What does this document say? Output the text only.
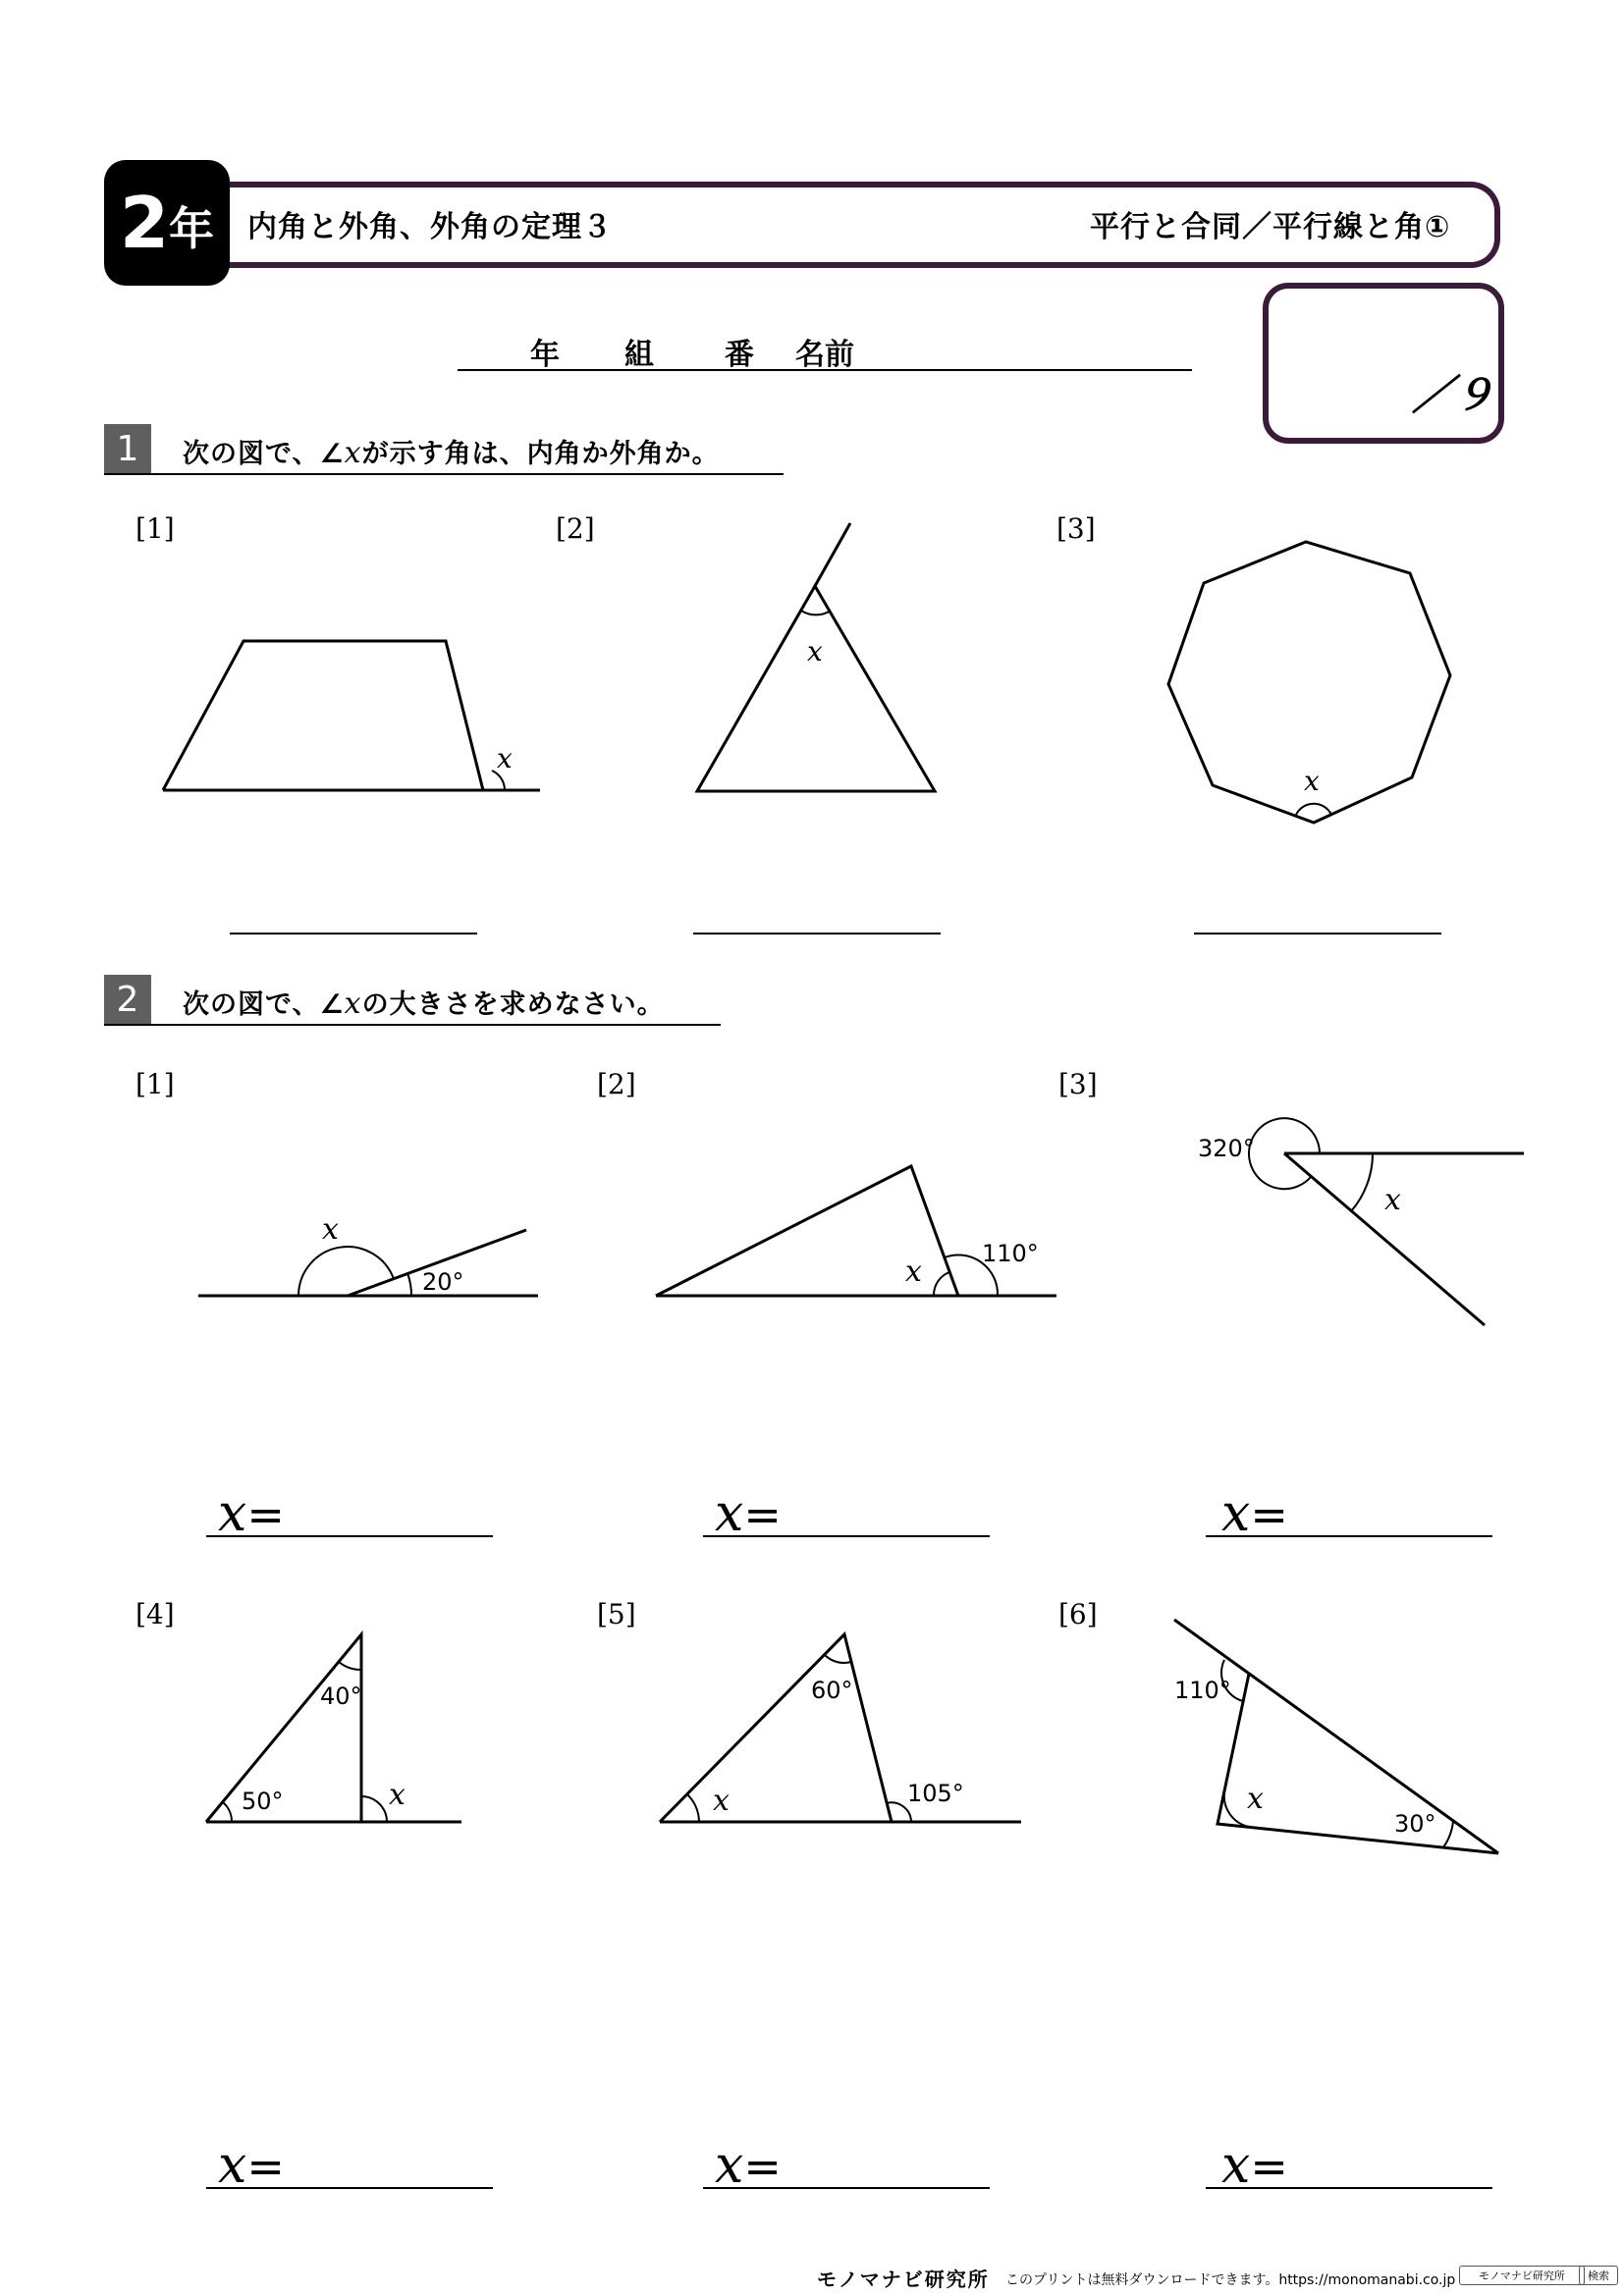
2 年 内角と外角、外角の定理３	平行と合同／平行線と角①
／９
年 組 番 名前
1	次の図で、∠xが示す角は、内角か外角か。
[1]	[2]	[3]
x
x
x
2	次の図で、∠xの大きさを求めなさい。
[1]	[2]	[3]
[4]	[5]	[6]
x
20°	x
110°
320°
x
40°
50°	x
60°
x	105°
110°
x
30°
x=	x=	x=
x=	x=	x=
モノマナビ研究所 このプリントは無料ダウンロードできます。https://monomanabi.co.jp	モノマナビ研究所	検索
